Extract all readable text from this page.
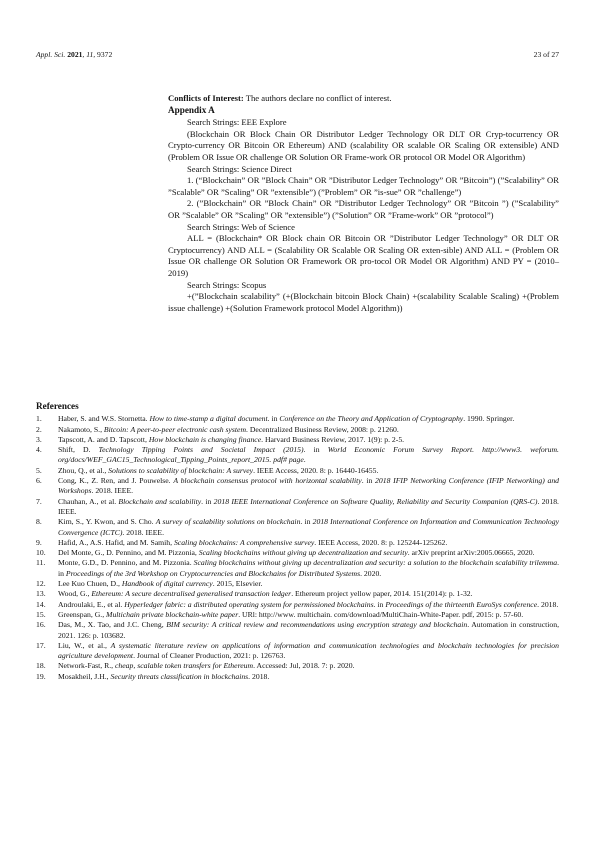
Appl. Sci. 2021, 11, 9372	23 of 27

Conflicts of Interest: The authors declare no conflict of interest.

Appendix A

Search Strings: EEE Explore

(Blockchain OR Block Chain OR Distributor Ledger Technology OR DLT OR Cryp-tocurrency OR Crypto-currency OR Bitcoin OR Ethereum) AND (scalability OR scalable OR Scaling OR extensible) AND (Problem OR Issue OR challenge OR Solution OR Frame-work OR protocol OR Model OR Algorithm)

Search Strings: Science Direct

1. (“Blockchain” OR ”Block Chain” OR ”Distributor Ledger Technology” OR ”Bitcoin”) (”Scalability” OR ”Scalable” OR ”Scaling” OR ”extensible”) (”Problem” OR ”is-sue” OR ”challenge”)

2. (”Blockchain” OR ”Block Chain” OR ”Distributor Ledger Technology” OR ”Bitcoin ”) (”Scalability” OR ”Scalable” OR ”Scaling” OR ”extensible”) (”Solution” OR ”Frame-work” OR ”protocol”)

Search Strings: Web of Science

ALL = (Blockchain* OR Block chain OR Bitcoin OR ”Distributor Ledger Technology” OR DLT OR Cryptocurrency) AND ALL = (Scalability OR Scalable OR Scaling OR exten-sible) AND ALL = (Problem OR Issue OR challenge OR Solution OR Framework OR pro-tocol OR Model OR Algorithm) AND PY = (2010–2019)

Search Strings: Scopus

+(”Blockchain scalability” (+(Blockchain bitcoin Block Chain) +(scalability Scalable Scaling) +(Problem issue challenge) +(Solution Framework protocol Model Algorithm))

References
1.	Haber, S. and W.S. Stornetta. How to time-stamp a digital document. in Conference on the Theory and Application of Cryptography. 1990. Springer.
2.	Nakamoto, S., Bitcoin: A peer-to-peer electronic cash system. Decentralized Business Review, 2008: p. 21260.
3.	Tapscott, A. and D. Tapscott, How blockchain is changing finance. Harvard Business Review, 2017. 1(9): p. 2-5.
4.	Shift, D. Technology Tipping Points and Societal Impact (2015). in World Economic Forum Survey Report. http://www3. weforum. org/docs/WEF_GAC15_Technological_Tipping_Points_report_2015. pdf# page.
5.	Zhou, Q., et al., Solutions to scalability of blockchain: A survey. IEEE Access, 2020. 8: p. 16440-16455.
6.	Cong, K., Z. Ren, and J. Pouwelse. A blockchain consensus protocol with horizontal scalability. in 2018 IFIP Networking Conference (IFIP Networking) and Workshops. 2018. IEEE.
7.	Chauhan, A., et al. Blockchain and scalability. in 2018 IEEE International Conference on Software Quality, Reliability and Security Companion (QRS-C). 2018. IEEE.
8.	Kim, S., Y. Kwon, and S. Cho. A survey of scalability solutions on blockchain. in 2018 International Conference on Information and Communication Technology Convergence (ICTC). 2018. IEEE.
9.	Hafid, A., A.S. Hafid, and M. Samih, Scaling blockchains: A comprehensive survey. IEEE Access, 2020. 8: p. 125244-125262.
10.	Del Monte, G., D. Pennino, and M. Pizzonia, Scaling blockchains without giving up decentralization and security. arXiv preprint arXiv:2005.06665, 2020.
11.	Monte, G.D., D. Pennino, and M. Pizzonia. Scaling blockchains without giving up decentralization and security: a solution to the blockchain scalability trilemma. in Proceedings of the 3rd Workshop on Cryptocurrencies and Blockchains for Distributed Systems. 2020.
12.	Lee Kuo Chuen, D., Handbook of digital currency. 2015, Elsevier.
13.	Wood, G., Ethereum: A secure decentralised generalised transaction ledger. Ethereum project yellow paper, 2014. 151(2014): p. 1-32.
14.	Androulaki, E., et al. Hyperledger fabric: a distributed operating system for permissioned blockchains. in Proceedings of the thirteenth EuroSys conference. 2018.
15.	Greenspan, G., Multichain private blockchain-white paper. URl: http://www. multichain. com/download/MultiChain-White-Paper. pdf, 2015: p. 57-60.
16.	Das, M., X. Tao, and J.C. Cheng, BIM security: A critical review and recommendations using encryption strategy and blockchain. Automation in construction, 2021. 126: p. 103682.
17.	Liu, W., et al., A systematic literature review on applications of information and communication technologies and blockchain technologies for precision agriculture development. Journal of Cleaner Production, 2021: p. 126763.
18.	Network-Fast, R., cheap, scalable token transfers for Ethereum. Accessed: Jul, 2018. 7: p. 2020.
19.	Mosakheil, J.H., Security threats classification in blockchains. 2018.
